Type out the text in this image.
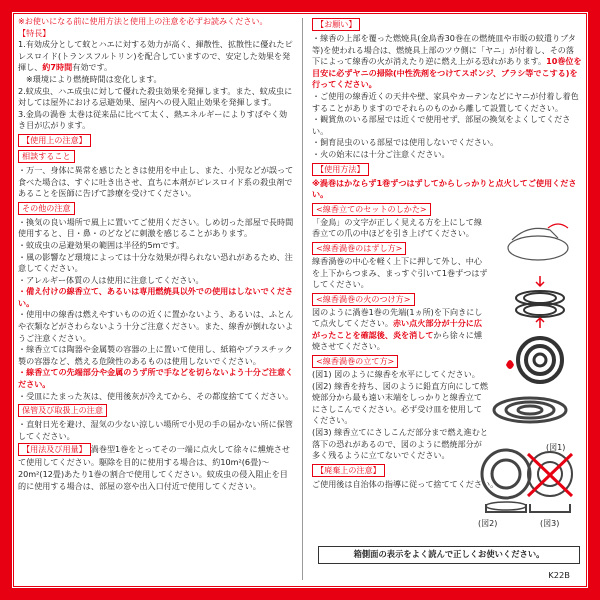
※お使いになる前に使用方法と使用上の注意を必ずお読みください。

【特長】

1.有効成分として蚊とハエに対する効力が高く、揮散性、拡散性に優れたピレスロイド(トランスフルトリン)を配合していますので、安定した効果を発揮し、約7時間有効です。

※環境により燃焼時間は変化します。

2.蚊成虫、ハエ成虫に対して優れた殺虫効果を発揮します。また、蚊成虫に対しては屋外における忌避効果、屋内への侵入阻止効果を発揮します。

3.金鳥の渦巻 太巻は従来品に比べて太く、熱エネルギーによりすばやく効き目が広がります。

【使用上の注意】
相談すること

・万一、身体に異常を感じたときは使用を中止し、また、小児などが誤って食べた場合は、すぐに吐き出させ、直ちに本剤がピレスロイド系の殺虫剤であることを医師に告げて診療を受けてください。

その他の注意

・換気の良い場所で風上に置いてご使用ください。しめ切った部屋で長時間使用すると、目・鼻・のどなどに刺激を感じることがあります。

・蚊成虫の忌避効果の範囲は半径約5mです。

・風の影響など環境によっては十分な効果が得られない恐れがあるため、注意してください。

・アレルギー体質の人は使用に注意してください。

・備え付けの線香立て、あるいは専用燃焼具以外での使用はしないでください。

・使用中の線香は燃えやすいものの近くに置かないよう、あるいは、ふとんや衣類などがさわらないよう十分ご注意ください。また、線香が倒れないようご注意ください。

・線香立ては陶器や金属製の容器の上に置いて使用し、紙箱やプラスチック製の容器など、燃える危険性のあるものは使用しないでください。

・線香立ての先端部分や金属のうず所で手などを切らないよう十分ご注意ください。

・受皿にたまった灰は、使用後灰が冷えてから、その都度捨ててください。

保管及び取扱上の注意

・直射日光を避け、湿気の少ない涼しい場所で小児の手の届かない所に保管してください。

【用法及び用量】 渦巻型1巻をとってその一端に点火して徐々に燻焼させて使用してください。駆除を目的に使用する場合は、約10m²(6畳)〜20m²(12畳)あたり1巻の割合で使用してください。蚊成虫の侵入阻止を目的に使用する場合は、部屋の窓や出入口付近で使用してください。

【お願い】

・線香の上部を覆った燃焼具(金鳥香30巻在の燃焼皿や市販の蚊遣りブタ等)を使われる場合は、燃焼具上部のツウ側に「ヤニ」が付着し、その落下によって線香の火が消えたり逆に燃え上がる恐れがあります。10巻位を目安に必ずヤニの掃除(中性洗剤をつけてスポンジ、ブラシ等でこする)を行ってください。

・ご使用の線香近くの天井や壁、家具やカーテンなどにヤニが付着し着色することがありますのでそれらのものから離して設置してください。

・観賞魚のいる部屋では近くで使用せず、部屋の換気をよくしてください。

・飼育昆虫のいる部屋では使用しないでください。

・火の始末には十分ご注意ください。

【使用方法】

※渦巻はかならず1巻ずつはずしてからしっかりと点火してご使用ください。

<線香立てのセットのしかた>

「金鳥」の文字が正しく見える方を上にして線香立ての爪の中ほどを引き上げてください。

<線香渦巻のはずし方>

線香渦巻の中心を軽く上下に押して外し、中心を上下からつまみ、まっすぐ引いて1巻ずつはずしてください。

<線香渦巻の火のつけ方>

図のように渦巻1巻の先端(1ヵ所)を下向きにして点火してください。赤い点火部分が十分に広がったことを確認後、炎を消してから徐々に燻焼させてください。

<線香渦巻の立て方>

(図1) 図のように線香を水平にしてください。

(図2) 線香を持ち、図のように鉛直方向にして燃焼部分から最も遠い末端をしっかりと線香立てにさしこんでください。必ず受け皿を使用してください。

(図3) 線香立てにさしこんだ部分まで燃え進むと落下の恐れがあるので、図のように燃焼部分が多く残るように立てないでください。

【廃棄上の注意】

ご使用後は自治体の指導に従って捨ててください。

(図1)
(図2)	(図3)
箱側面の表示をよく読んで正しくお使いください。
K22B
